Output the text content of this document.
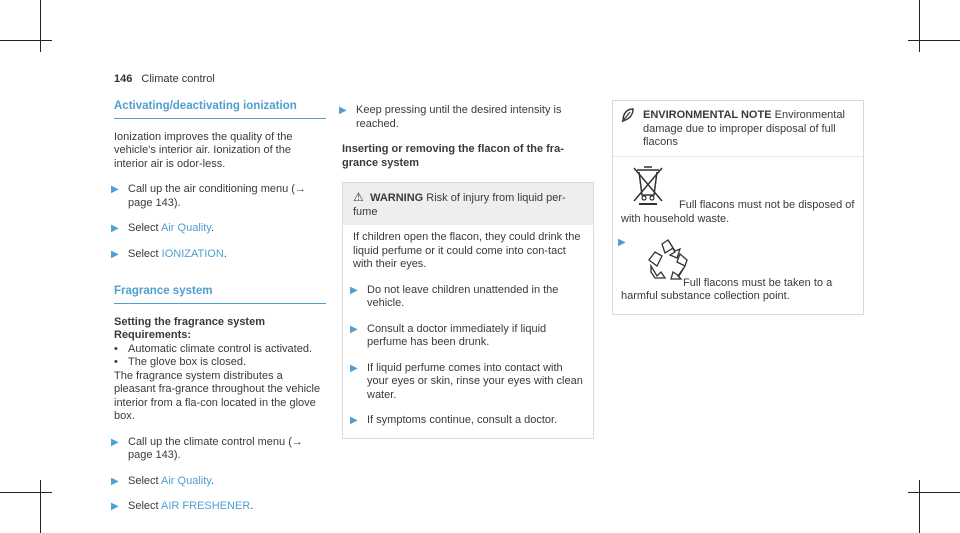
146 Climate control
Activating/deactivating ionization

Ionization improves the quality of the vehicle's interior air. Ionization of the interior air is odor-less.

▶ Call up the air conditioning menu (→ page 143).
▶ Select Air Quality.
▶ Select IONIZATION.
Fragrance system

Setting the fragrance system

Requirements:

• Automatic climate control is activated.
• The glove box is closed.

The fragrance system distributes a pleasant fra-grance throughout the vehicle interior from a fla-con located in the glove box.

▶ Call up the climate control menu (→ page 143).
▶ Select Air Quality.
▶ Select AIR FRESHENER.
▶ Keep pressing until the desired intensity is reached.

Inserting or removing the flacon of the fra-grance system

⚠ WARNING Risk of injury from liquid per-fume

If children open the flacon, they could drink the liquid perfume or it could come into con-tact with their eyes.

▶ Do not leave children unattended in the vehicle.
▶ Consult a doctor immediately if liquid perfume has been drunk.
▶ If liquid perfume comes into contact with your eyes or skin, rinse your eyes with clean water.
▶ If symptoms continue, consult a doctor.
ENVIRONMENTAL NOTE Environmental damage due to improper disposal of full flacons

Full flacons must not be disposed of with household waste.

▶

Full flacons must be taken to a harmful substance collection point.
